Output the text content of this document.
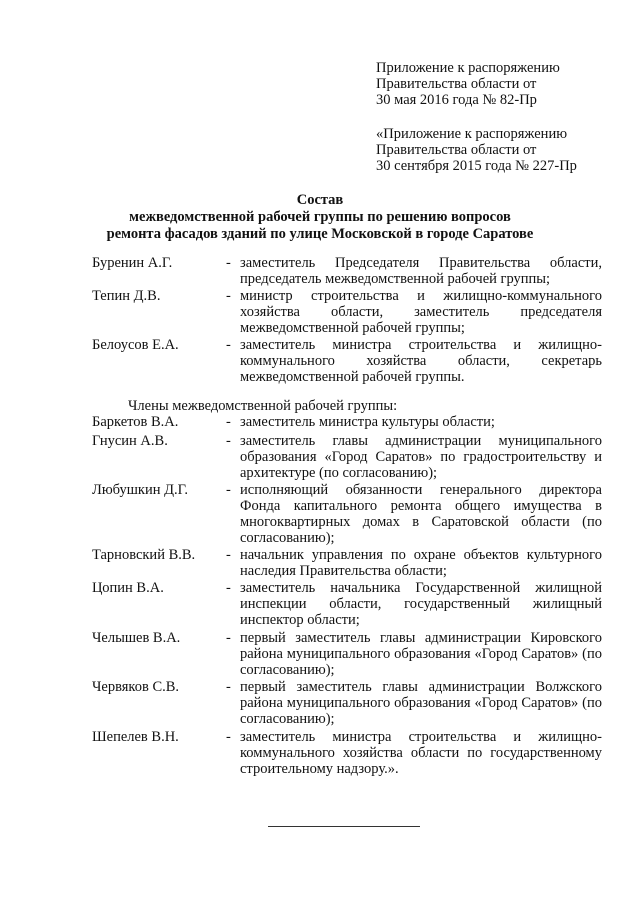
Приложение к распоряжению
Правительства области от
30 мая 2016 года № 82-Пр
«Приложение к распоряжению
Правительства области от
30 сентября 2015 года № 227-Пр
Состав
межведомственной рабочей группы по решению вопросов
ремонта фасадов зданий по улице Московской в городе Саратове
Буренин А.Г.	- заместитель Председателя Правительства области, председатель межведомственной рабочей группы;
Тепин Д.В.	- министр строительства и жилищно-коммунального хозяйства области, заместитель председателя межведомственной рабочей группы;
Белоусов Е.А.	- заместитель министра строительства и жилищно-коммунального хозяйства области, секретарь межведомственной рабочей группы.
Члены межведомственной рабочей группы:
Баркетов В.А.	- заместитель министра культуры области;
Гнусин А.В.	- заместитель главы администрации муниципального образования «Город Саратов» по градостроительству и архитектуре (по согласованию);
Любушкин Д.Г.	- исполняющий обязанности генерального директора Фонда капитального ремонта общего имущества в многоквартирных домах в Саратовской области (по согласованию);
Тарновский В.В. - начальник управления по охране объектов культурного наследия Правительства области;
Цопин В.А.	- заместитель начальника Государственной жилищной инспекции области, государственный жилищный инспектор области;
Челышев В.А.	- первый заместитель главы администрации Кировского района муниципального образования «Город Саратов» (по согласованию);
Червяков С.В.	- первый заместитель главы администрации Волжского района муниципального образования «Город Саратов» (по согласованию);
Шепелев В.Н.	- заместитель министра строительства и жилищно-коммунального хозяйства области по государственному строительному надзору.».
